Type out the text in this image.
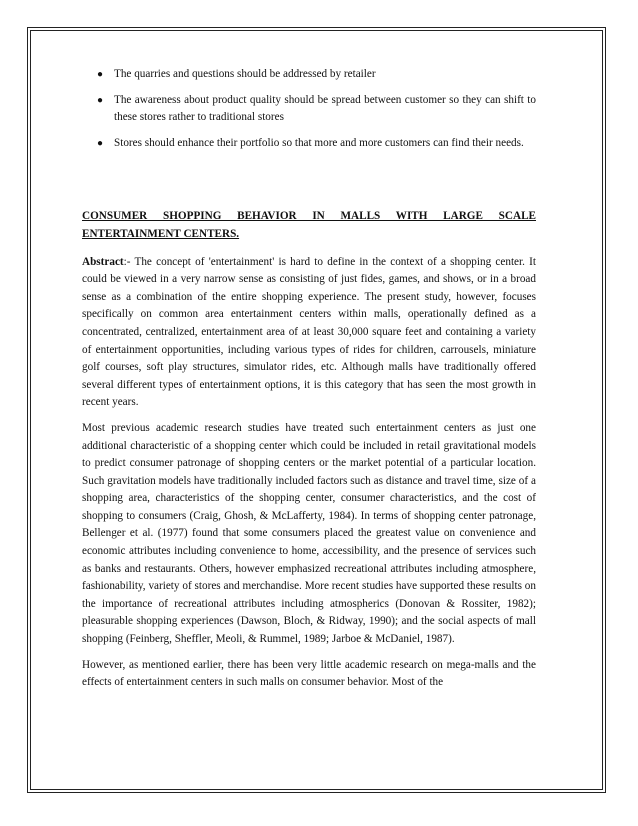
● The quarries and questions should be addressed by retailer
● The awareness about product quality should be spread between customer so they can shift to these stores rather to traditional stores
● Stores should enhance their portfolio so that more and more customers can find their needs.
CONSUMER SHOPPING BEHAVIOR IN MALLS WITH LARGE SCALE
ENTERTAINMENT CENTERS.

Abstract:- The concept of 'entertainment' is hard to define in the context of a shopping center. It could be viewed in a very narrow sense as consisting of just fides, games, and shows, or in a broad sense as a combination of the entire shopping experience. The present study, however, focuses specifically on common area entertainment centers within malls, operationally defined as a concentrated, centralized, entertainment area of at least 30,000 square feet and containing a variety of entertainment opportunities, including various types of rides for children, carrousels, miniature golf courses, soft play structures, simulator rides, etc. Although malls have traditionally offered several different types of entertainment options, it is this category that has seen the most growth in recent years.

Most previous academic research studies have treated such entertainment centers as just one additional characteristic of a shopping center which could be included in retail gravitational models to predict consumer patronage of shopping centers or the market potential of a particular location. Such gravitation models have traditionally included factors such as distance and travel time, size of a shopping area, characteristics of the shopping center, consumer characteristics, and the cost of shopping to consumers (Craig, Ghosh, & McLafferty, 1984). In terms of shopping center patronage, Bellenger et al. (1977) found that some consumers placed the greatest value on convenience and economic attributes including convenience to home, accessibility, and the presence of services such as banks and restaurants. Others, however emphasized recreational attributes including atmosphere, fashionability, variety of stores and merchandise. More recent studies have supported these results on the importance of recreational attributes including atmospherics (Donovan & Rossiter, 1982); pleasurable shopping experiences (Dawson, Bloch, & Ridway, 1990); and the social aspects of mall shopping (Feinberg, Sheffler, Meoli, & Rummel, 1989; Jarboe & McDaniel, 1987).

However, as mentioned earlier, there has been very little academic research on mega-malls and the effects of entertainment centers in such malls on consumer behavior. Most of the
